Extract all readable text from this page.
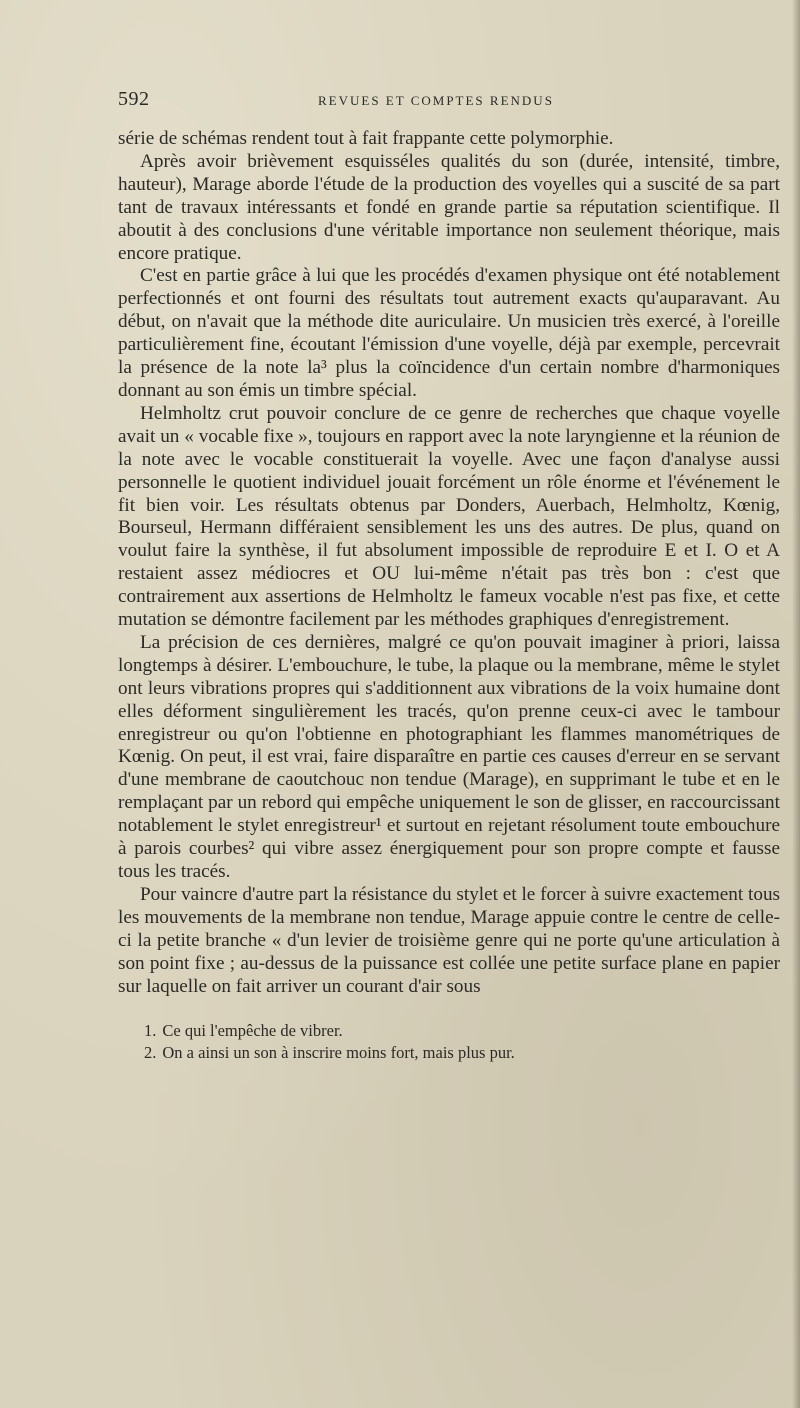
592	REVUES ET COMPTES RENDUS

série de schémas rendent tout à fait frappante cette polymorphie.

Après avoir brièvement esquisséles qualités du son (durée, intensité, timbre, hauteur), Marage aborde l'étude de la production des voyelles qui a suscité de sa part tant de travaux intéressants et fondé en grande partie sa réputation scientifique. Il aboutit à des conclusions d'une véritable importance non seulement théorique, mais encore pratique.

C'est en partie grâce à lui que les procédés d'examen physique ont été notablement perfectionnés et ont fourni des résultats tout autrement exacts qu'auparavant. Au début, on n'avait que la méthode dite auriculaire. Un musicien très exercé, à l'oreille particulièrement fine, écoutant l'émission d'une voyelle, déjà par exemple, percevrait la présence de la note la³ plus la coïncidence d'un certain nombre d'harmoniques donnant au son émis un timbre spécial.

Helmholtz crut pouvoir conclure de ce genre de recherches que chaque voyelle avait un « vocable fixe », toujours en rapport avec la note laryngienne et la réunion de la note avec le vocable constituerait la voyelle. Avec une façon d'analyse aussi personnelle le quotient individuel jouait forcément un rôle énorme et l'événement le fit bien voir. Les résultats obtenus par Donders, Auerbach, Helmholtz, Kœnig, Bourseul, Hermann différaient sensiblement les uns des autres. De plus, quand on voulut faire la synthèse, il fut absolument impossible de reproduire E et I. O et A restaient assez médiocres et OU lui-même n'était pas très bon : c'est que contrairement aux assertions de Helmholtz le fameux vocable n'est pas fixe, et cette mutation se démontre facilement par les méthodes graphiques d'enregistrement.

La précision de ces dernières, malgré ce qu'on pouvait imaginer à priori, laissa longtemps à désirer. L'embouchure, le tube, la plaque ou la membrane, même le stylet ont leurs vibrations propres qui s'additionnent aux vibrations de la voix humaine dont elles déforment singulièrement les tracés, qu'on prenne ceux-ci avec le tambour enregistreur ou qu'on l'obtienne en photographiant les flammes manométriques de Kœnig. On peut, il est vrai, faire disparaître en partie ces causes d'erreur en se servant d'une membrane de caoutchouc non tendue (Marage), en supprimant le tube et en le remplaçant par un rebord qui empêche uniquement le son de glisser, en raccourcissant notablement le stylet enregistreur¹ et surtout en rejetant résolument toute embouchure à parois courbes² qui vibre assez énergiquement pour son propre compte et fausse tous les tracés.

Pour vaincre d'autre part la résistance du stylet et le forcer à suivre exactement tous les mouvements de la membrane non tendue, Marage appuie contre le centre de celle-ci la petite branche « d'un levier de troisième genre qui ne porte qu'une articulation à son point fixe ; au-dessus de la puissance est collée une petite surface plane en papier sur laquelle on fait arriver un courant d'air sous

1. Ce qui l'empêche de vibrer.

2. On a ainsi un son à inscrire moins fort, mais plus pur.
